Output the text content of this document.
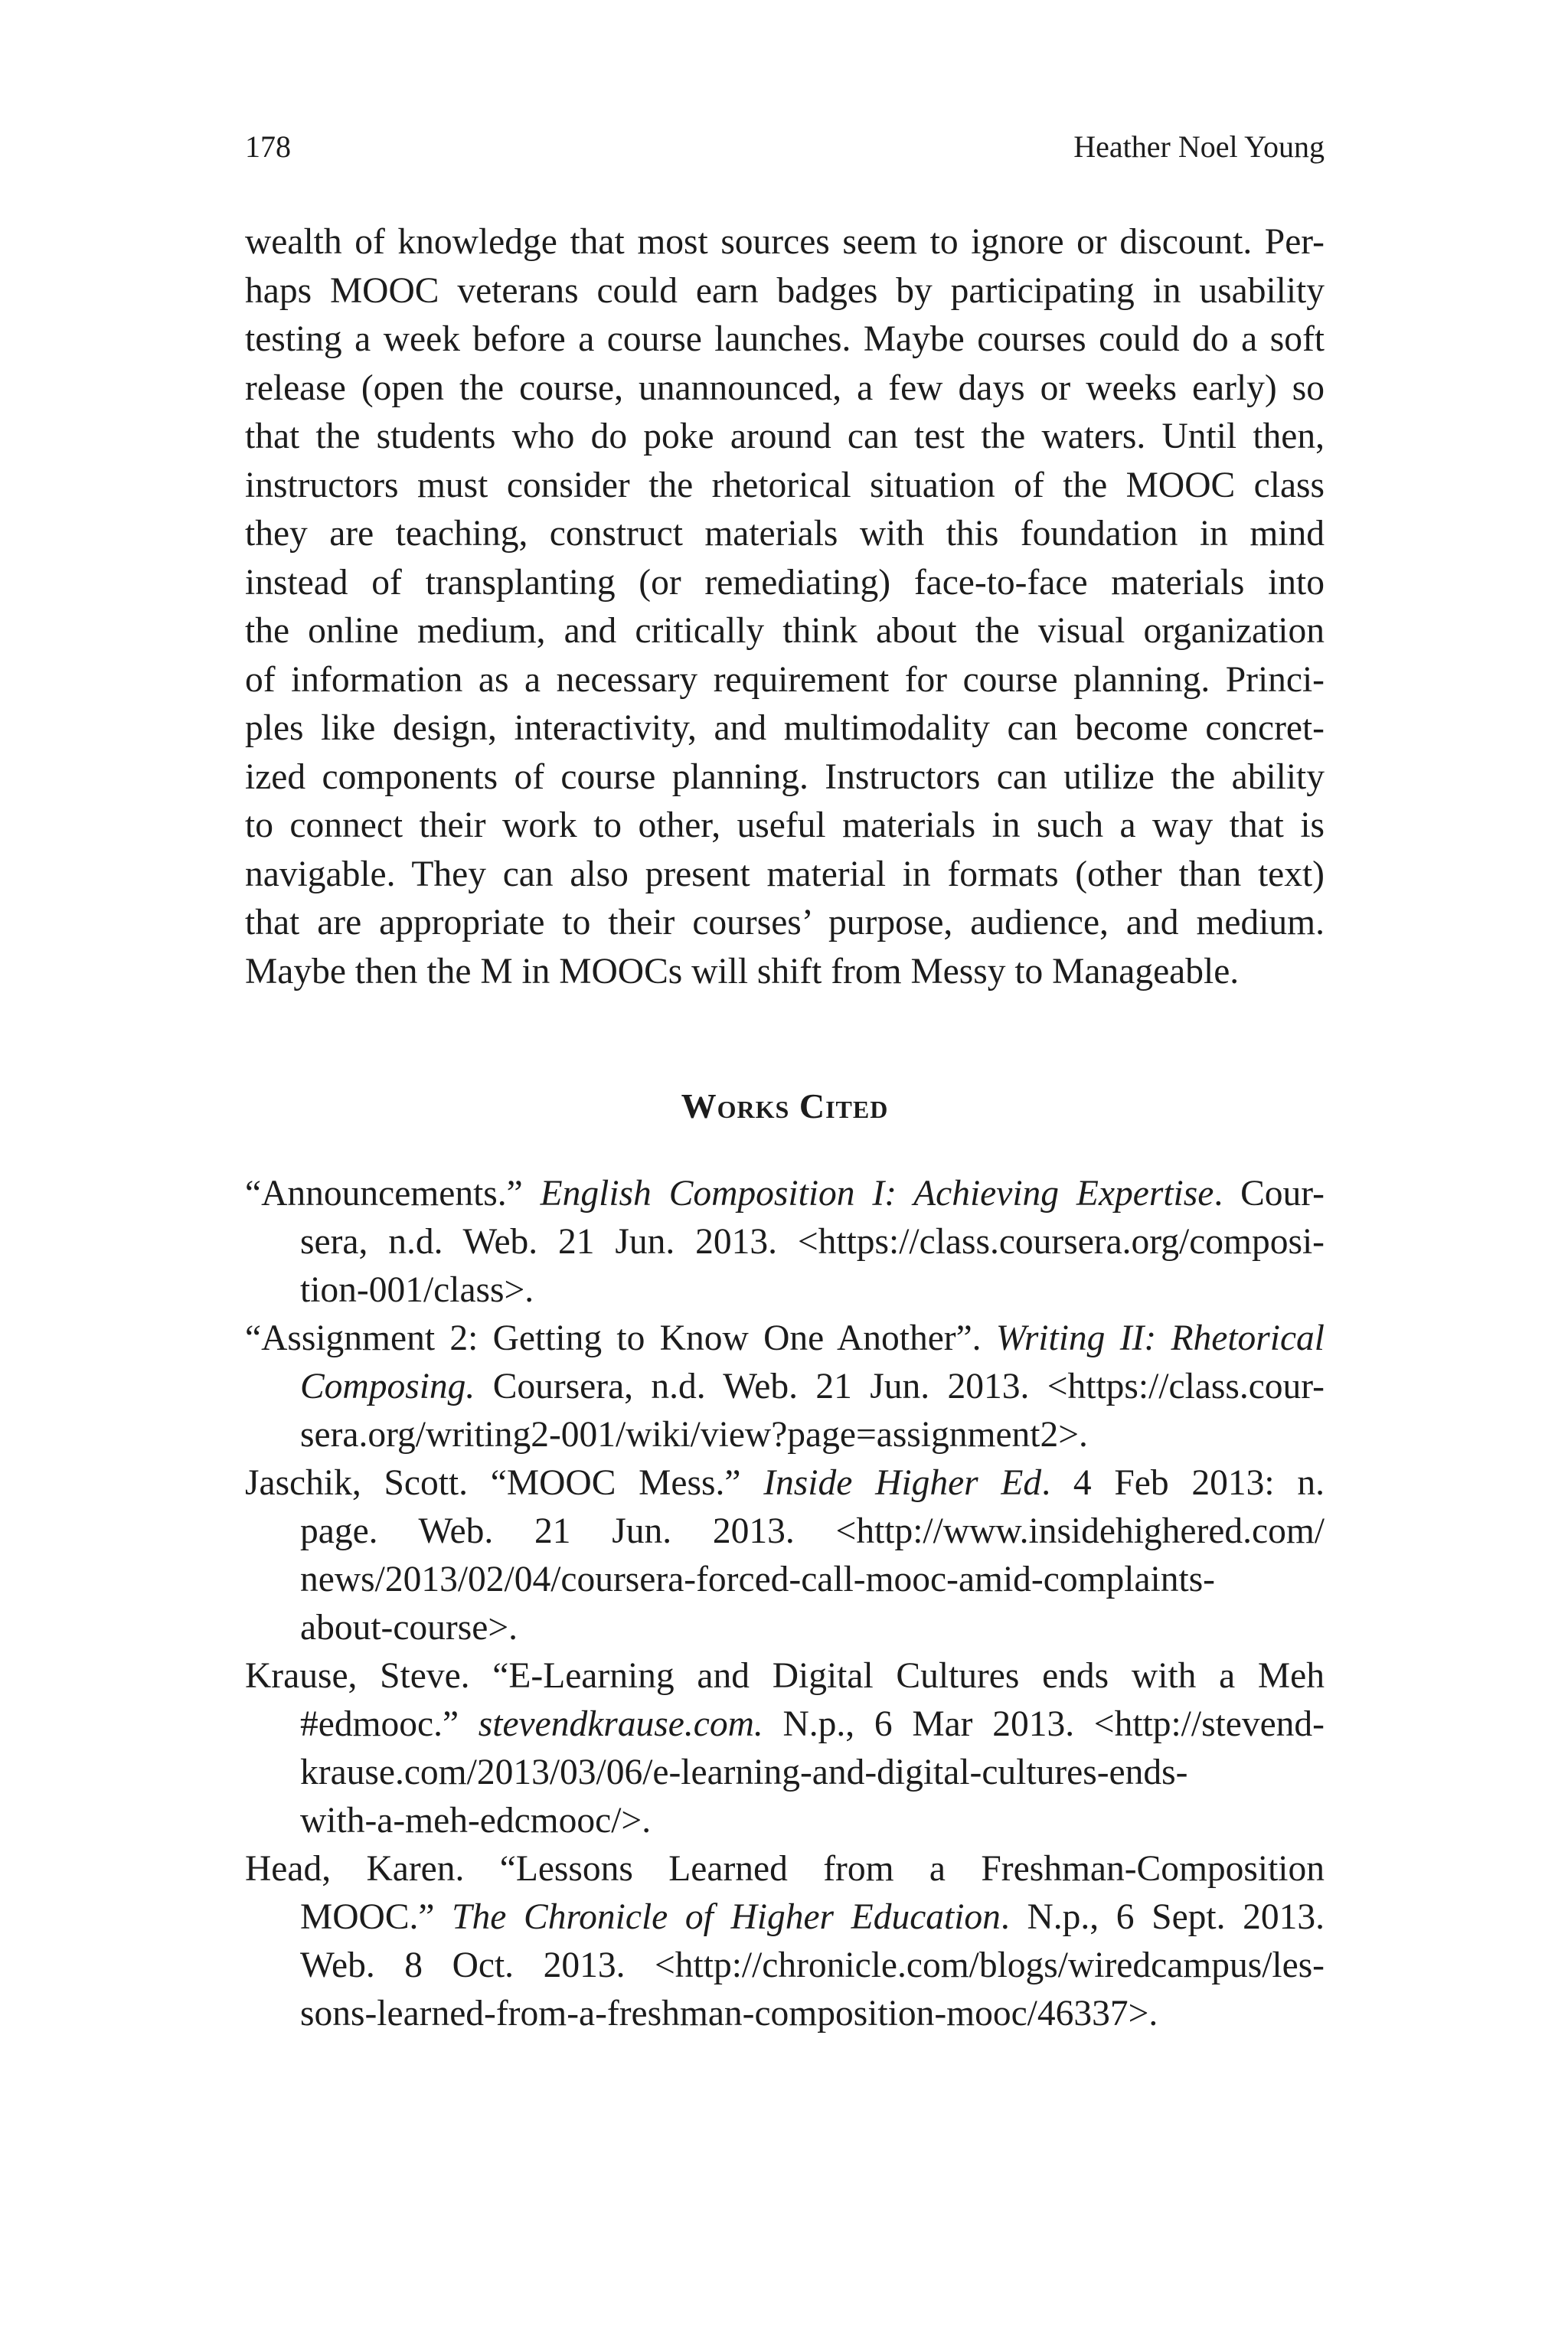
178	Heather Noel Young
wealth of knowledge that most sources seem to ignore or discount. Per-
haps MOOC veterans could earn badges by participating in usability
testing a week before a course launches. Maybe courses could do a soft
release (open the course, unannounced, a few days or weeks early) so
that the students who do poke around can test the waters. Until then,
instructors must consider the rhetorical situation of the MOOC class
they are teaching, construct materials with this foundation in mind
instead of transplanting (or remediating) face-to-face materials into
the online medium, and critically think about the visual organization
of information as a necessary requirement for course planning. Princi-
ples like design, interactivity, and multimodality can become concret-
ized components of course planning. Instructors can utilize the ability
to connect their work to other, useful materials in such a way that is
navigable. They can also present material in formats (other than text)
that are appropriate to their courses’ purpose, audience, and medium.
Maybe then the M in MOOCs will shift from Messy to Manageable.
Works Cited
“Announcements.” English Composition I: Achieving Expertise. Cour-
sera, n.d. Web. 21 Jun. 2013. <https://class.coursera.org/composi-
tion-001/class>.
“Assignment 2: Getting to Know One Another”. Writing II: Rhetorical
Composing. Coursera, n.d. Web. 21 Jun. 2013. <https://class.cour-
sera.org/writing2-001/wiki/view?page=assignment2>.
Jaschik, Scott. “MOOC Mess.” Inside Higher Ed. 4 Feb 2013: n.
page. Web. 21 Jun. 2013. <http://www.insidehighered.com/
news/2013/02/04/coursera-forced-call-mooc-amid-complaints-
about-course>.
Krause, Steve. “E-Learning and Digital Cultures ends with a Meh
#edmooc.” stevendkrause.com. N.p., 6 Mar 2013. <http://stevend-
krause.com/2013/03/06/e-learning-and-digital-cultures-ends-
with-a-meh-edcmooc/>.
Head, Karen. “Lessons Learned from a Freshman-Composition
MOOC.” The Chronicle of Higher Education. N.p., 6 Sept. 2013.
Web. 8 Oct. 2013. <http://chronicle.com/blogs/wiredcampus/les-
sons-learned-from-a-freshman-composition-mooc/46337>.
